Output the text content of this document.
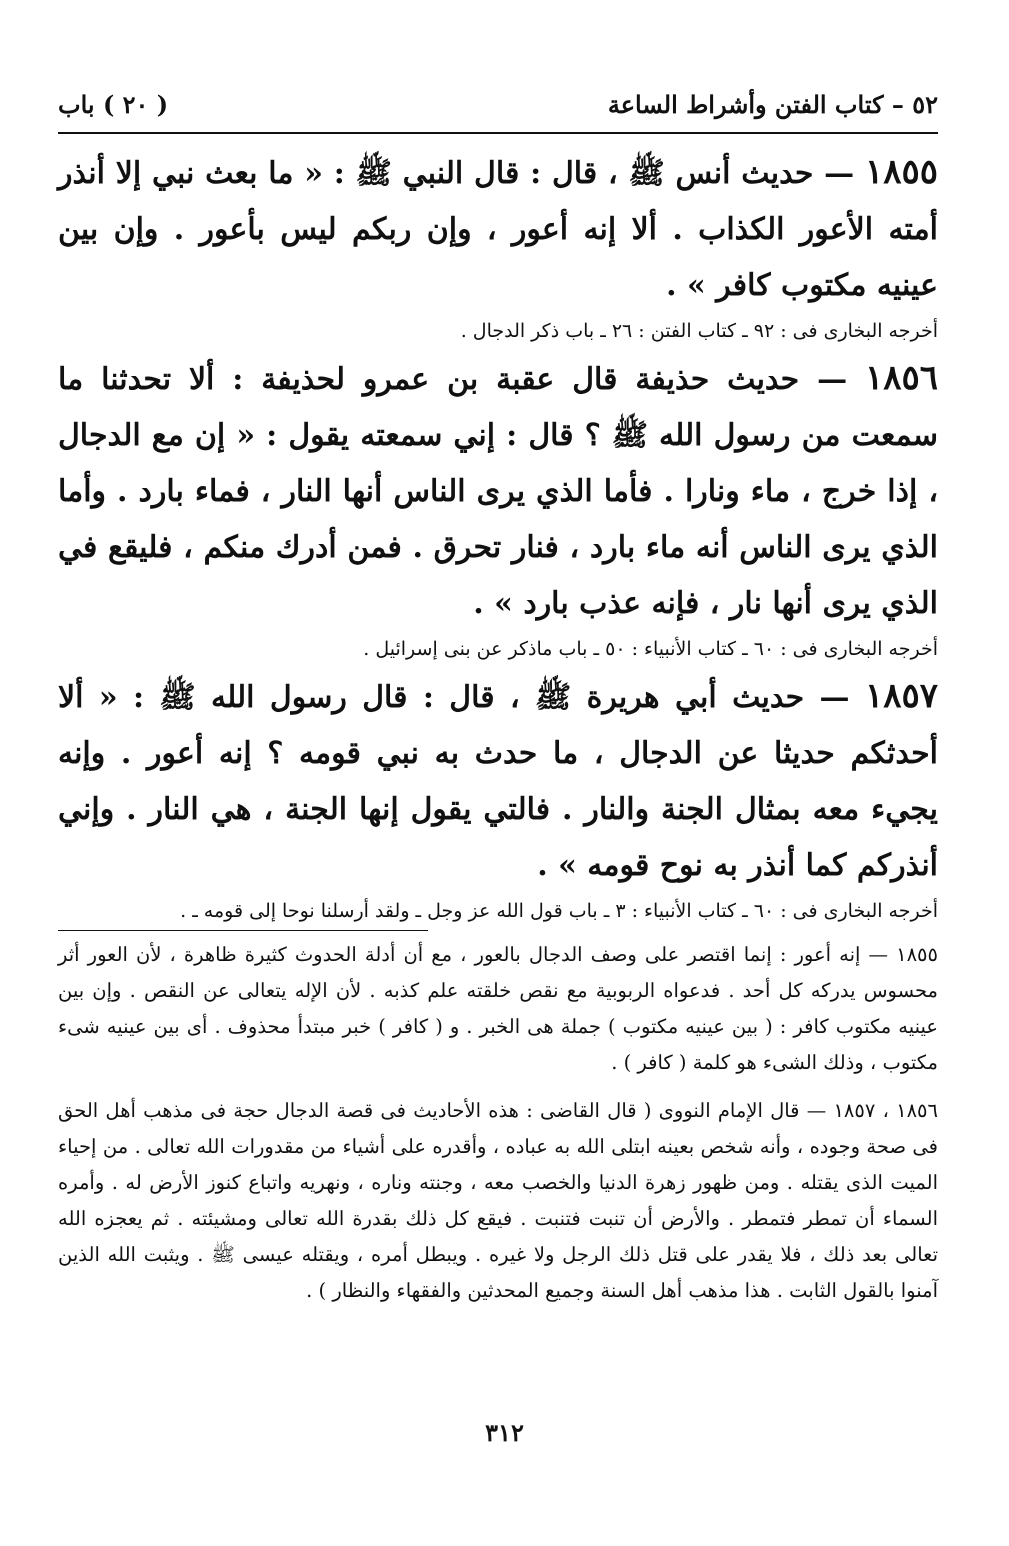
٥٢ – كتاب الفتن وأشراط الساعة
( ٢٠ ) باب

١٨٥٥ — حديث أنس ﷺ ، قال : قال النبي ﷺ : « ما بعث نبي إلا أنذر أمته الأعور الكذاب . ألا إنه أعور ، وإن ربكم ليس بأعور . وإن بين عينيه مكتوب كافر » .

أخرجه البخارى فى : ٩٢ ـ كتاب الفتن : ٢٦ ـ باب ذكر الدجال .

١٨٥٦ — حديث حذيفة قال عقبة بن عمرو لحذيفة : ألا تحدثنا ما سمعت من رسول الله ﷺ ؟ قال : إني سمعته يقول : « إن مع الدجال ، إذا خرج ، ماء ونارا . فأما الذي يرى الناس أنها النار ، فماء بارد . وأما الذي يرى الناس أنه ماء بارد ، فنار تحرق . فمن أدرك منكم ، فليقع في الذي يرى أنها نار ، فإنه عذب بارد » .

أخرجه البخارى فى : ٦٠ ـ كتاب الأنبياء : ٥٠ ـ باب ماذكر عن بنى إسرائيل .

١٨٥٧ — حديث أبي هريرة ﷺ ، قال : قال رسول الله ﷺ : « ألا أحدثكم حديثا عن الدجال ، ما حدث به نبي قومه ؟ إنه أعور . وإنه يجيء معه بمثال الجنة والنار . فالتي يقول إنها الجنة ، هي النار . وإني أنذركم كما أنذر به نوح قومه » .

أخرجه البخارى فى : ٦٠ ـ كتاب الأنبياء : ٣ ـ باب قول الله عز وجل ـ ولقد أرسلنا نوحا إلى قومه ـ .

١٨٥٥ — إنه أعور : إنما اقتصر على وصف الدجال بالعور ، مع أن أدلة الحدوث كثيرة ظاهرة ، لأن العور أثر محسوس يدركه كل أحد . فدعواه الربوبية مع نقص خلقته علم كذبه . لأن الإله يتعالى عن النقص . وإن بين عينيه مكتوب كافر : ( بين عينيه مكتوب ) جملة هى الخبر . و ( كافر ) خبر مبتدأ محذوف . أى بين عينيه شىء مكتوب ، وذلك الشىء هو كلمة ( كافر ) .

١٨٥٦ ، ١٨٥٧ — قال الإمام النووى ( قال القاضى : هذه الأحاديث فى قصة الدجال حجة فى مذهب أهل الحق فى صحة وجوده ، وأنه شخص بعينه ابتلى الله به عباده ، وأقدره على أشياء من مقدورات الله تعالى . من إحياء الميت الذى يقتله . ومن ظهور زهرة الدنيا والخصب معه ، وجنته وناره ، ونهريه واتباع كنوز الأرض له . وأمره السماء أن تمطر فتمطر . والأرض أن تنبت فتنبت . فيقع كل ذلك بقدرة الله تعالى ومشيئته . ثم يعجزه الله تعالى بعد ذلك ، فلا يقدر على قتل ذلك الرجل ولا غيره . ويبطل أمره ، ويقتله عيسى ﷺ . ويثبت الله الذين آمنوا بالقول الثابت . هذا مذهب أهل السنة وجميع المحدثين والفقهاء والنظار ) .

٣١٢
